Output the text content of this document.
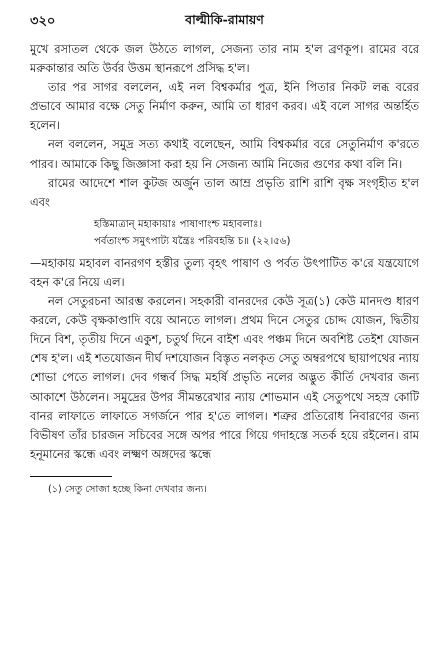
৩২০	বাল্মীকি-রামায়ণ

মুখে রসাতল থেকে জল উঠতে লাগল, সেজন্য তার নাম হ'ল ব্রণকূপ। রামের বরে মরুকান্তার অতি উর্বর উত্তম স্থানরূপে প্রসিদ্ধ হ'ল।

তার পর সাগর বললেন, এই নল বিশ্বকর্মার পুত্র, ইনি পিতার নিকট লব্ধ বরের প্রভাবে আমার বক্ষে সেতু নির্মাণ করুন, আমি তা ধারণ করব। এই বলে সাগর অন্তর্হিত হলেন।

নল বললেন, সমুদ্র সত্য কথাই বলেছেন, আমি বিশ্বকর্মার বরে সেতুনির্মাণ ক'রতে পারব। আমাকে কিছু জিজ্ঞাসা করা হয় নি সেজন্য আমি নিজের গুণের কথা বলি নি।

রামের আদেশে শাল কুটজ অর্জুন তাল আম্র প্রভৃতি রাশি রাশি বৃক্ষ সংগৃহীত হ'ল এবং

হস্তিমাত্রান্ মহাকায়াঃ পাষাণাংশ্চ মহাবলাঃ।
পর্বতাংশ্চ সমুৎপাট্য যন্ত্রৈঃ পরিবহন্তি চ॥ (২২।৫৬)

—মহাকায় মহাবল বানরগণ হস্তীর তুল্য বৃহৎ পাষাণ ও পর্বত উৎপাটিত ক'রে যন্ত্রযোগে বহন ক'রে নিয়ে এল।

নল সেতুরচনা আরম্ভ করলেন। সহকারী বানরদের কেউ সূত্র(১) কেউ মানদণ্ড ধারণ করলে, কেউ বৃক্ষকাণ্ডাদি বয়ে আনতে লাগল। প্রথম দিনে সেতুর চোদ্দ যোজন, দ্বিতীয় দিনে বিশ, তৃতীয় দিনে একুশ, চতুর্থ দিনে বাইশ এবং পঞ্চম দিনে অবশিষ্ট তেইশ যোজন শেষ হ'ল। এই শতযোজন দীর্ঘ দশযোজন বিস্তৃত নলকৃত সেতু অম্বরপথে ছায়াপথের ন্যায় শোভা পেতে লাগল। দেব গন্ধর্ব সিদ্ধ মহর্ষি প্রভৃতি নলের অদ্ভুত কীর্তি দেখবার জন্য আকাশে উঠলেন। সমুদ্রের উপর সীমন্তরেখার ন্যায় শোভমান এই সেতুপথে সহস্র কোটি বানর লাফাতে লাফাতে সগর্জনে পার হ'তে লাগল। শত্রুর প্রতিরোধ নিবারণের জন্য বিভীষণ তাঁর চারজন সচিবের সঙ্গে অপর পারে গিয়ে গদাহস্তে সতর্ক হয়ে রইলেন। রাম হনূমানের স্কন্ধে এবং লক্ষ্মণ অঙ্গদের স্কন্ধে

(১) সেতু সোজা হচ্ছে কিনা দেখবার জন্য।
